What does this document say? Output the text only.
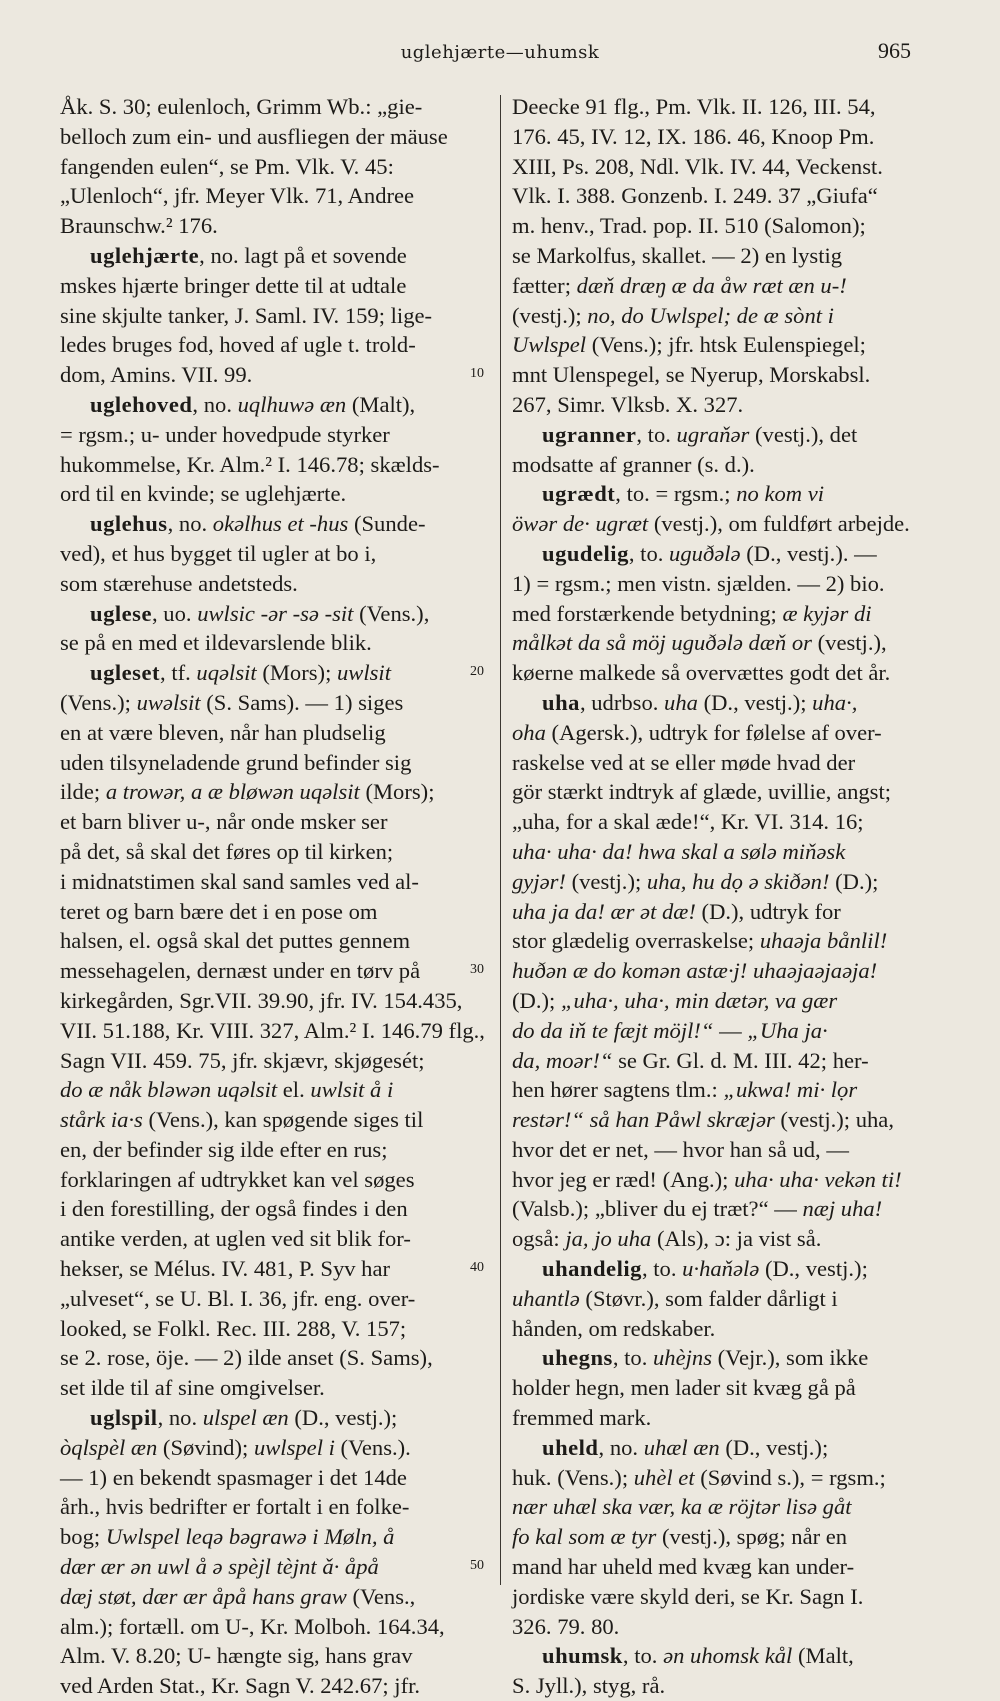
uglehjærte—uhumsk	965
Åk. S. 30; eulenloch, Grimm Wb.: „gie-
belloch zum ein- und ausfliegen der mäuse
fangenden eulen“, se Pm. Vlk. V. 45:
„Ulenloch“, jfr. Meyer Vlk. 71, Andree
Braunschw.² 176.
uglehjærte, no. lagt på et sovende
mskes hjærte bringer dette til at udtale
sine skjulte tanker, J. Saml. IV. 159; lige-
ledes bruges fod, hoved af ugle t. trold-
dom, Amins. VII. 99.
uglehoved, no. uqlhuwə æn (Malt),
= rgsm.; u- under hovedpude styrker
hukommelse, Kr. Alm.² I. 146.78; skælds-
ord til en kvinde; se uglehjærte.
uglehus, no. okəlhus et -hus (Sunde-
ved), et hus bygget til ugler at bo i,
som stærehuse andetsteds.
uglese, uo. uwlsic -ər -sə -sit (Vens.),
se på en med et ildevarslende blik.
ugleset, tf. uqəlsit (Mors); uwlsit
(Vens.); uwəlsit (S. Sams). — 1) siges
en at være bleven, når han pludselig
uden tilsyneladende grund befinder sig
ilde; a trowər, a æ bløwən uqəlsit (Mors);
et barn bliver u-, når onde msker ser
på det, så skal det føres op til kirken;
i midnatstimen skal sand samles ved al-
teret og barn bære det i en pose om
halsen, el. også skal det puttes gennem
messehagelen, dernæst under en tørv på
kirkegården, Sgr.VII. 39.90, jfr. IV. 154.435,
VII. 51.188, Kr. VIII. 327, Alm.² I. 146.79 flg.,
Sagn VII. 459. 75, jfr. skjævr, skjøgesét;
do æ nåk bləwən uqəlsit el. uwlsit å i
stårk ia·s (Vens.), kan spøgende siges til
en, der befinder sig ilde efter en rus;
forklaringen af udtrykket kan vel søges
i den forestilling, der også findes i den
antike verden, at uglen ved sit blik for-
hekser, se Mélus. IV. 481, P. Syv har
„ulveset“, se U. Bl. I. 36, jfr. eng. over-
looked, se Folkl. Rec. III. 288, V. 157;
se 2. rose, öje. — 2) ilde anset (S. Sams),
set ilde til af sine omgivelser.
uglspil, no. ulspel æn (D., vestj.);
òqlspèl æn (Søvind); uwlspel i (Vens.).
— 1) en bekendt spasmager i det 14de
årh., hvis bedrifter er fortalt i en folke-
bog; Uwlspel leqə bəgrawə i Møln, å
dær ær ən uwl å ə spèjl tèjnt ǎ· åpå
dæj støt, dær ær åpå hans graw (Vens.,
alm.); fortæll. om U-, Kr. Molboh. 164.34,
Alm. V. 8.20; U- hængte sig, hans grav
ved Arden Stat., Kr. Sagn V. 242.67; jfr.
Deecke 91 flg., Pm. Vlk. II. 126, III. 54,
176. 45, IV. 12, IX. 186. 46, Knoop Pm.
XIII, Ps. 208, Ndl. Vlk. IV. 44, Veckenst.
Vlk. I. 388. Gonzenb. I. 249. 37 „Giufa“
m. henv., Trad. pop. II. 510 (Salomon);
se Markolfus, skallet. — 2) en lystig
fætter; dæň dræŋ æ da åw ræt æn u-!
(vestj.); no, do Uwlspel; de æ sònt i
Uwlspel (Vens.); jfr. htsk Eulenspiegel;
mnt Ulenspegel, se Nyerup, Morskabsl.
267, Simr. Vlksb. X. 327.
ugranner, to. ugraňər (vestj.), det
modsatte af granner (s. d.).
ugrædt, to. = rgsm.; no kom vi
öwər de· ugræt (vestj.), om fuldført arbejde.
ugudelig, to. uguðələ (D., vestj.). —
1) = rgsm.; men vistn. sjælden. — 2) bio.
med forstærkende betydning; æ kyjər di
målkət da så möj uguðələ dæň or (vestj.),
køerne malkede så overvættes godt det år.
uha, udrbso. uha (D., vestj.); uha·,
oha (Agersk.), udtryk for følelse af over-
raskelse ved at se eller møde hvad der
gör stærkt indtryk af glæde, uvillie, angst;
„uha, for a skal æde!“, Kr. VI. 314. 16;
uha· uha· da! hwa skal a sølə miňəsk
gyjər! (vestj.); uha, hu dọ ə skiðən! (D.);
uha ja da! ær ət dæ! (D.), udtryk for
stor glædelig overraskelse; uhaəja bånlil!
huðən æ do komən astæ·j! uhaəjaəjaəja!
(D.); „uha·, uha·, min dætər, va gær
do da iň te fæjt möjl!“ — „Uha ja·
da, moər!“ se Gr. Gl. d. M. III. 42; her-
hen hører sagtens tlm.: „ukwa! mi· lọr
restər!“ så han Påwl skræjər (vestj.); uha,
hvor det er net, — hvor han så ud, —
hvor jeg er ræd! (Ang.); uha· uha· vekən ti!
(Valsb.); „bliver du ej træt?“ — næj uha!
også: ja, jo uha (Als), ɔ: ja vist så.
uhandelig, to. u·haňələ (D., vestj.);
uhantlə (Støvr.), som falder dårligt i
hånden, om redskaber.
uhegns, to. uhèjns (Vejr.), som ikke
holder hegn, men lader sit kvæg gå på
fremmed mark.
uheld, no. uhæl æn (D., vestj.);
huk. (Vens.); uhèl et (Søvind s.), = rgsm.;
nær uhæl ska vær, ka æ röjtər lisə gåt
fo kal som æ tyr (vestj.), spøg; når en
mand har uheld med kvæg kan under-
jordiske være skyld deri, se Kr. Sagn I.
326. 79. 80.
uhumsk, to. ən uhomsk kål (Malt,
S. Jyll.), styg, rå.
10
20
30
40
50
